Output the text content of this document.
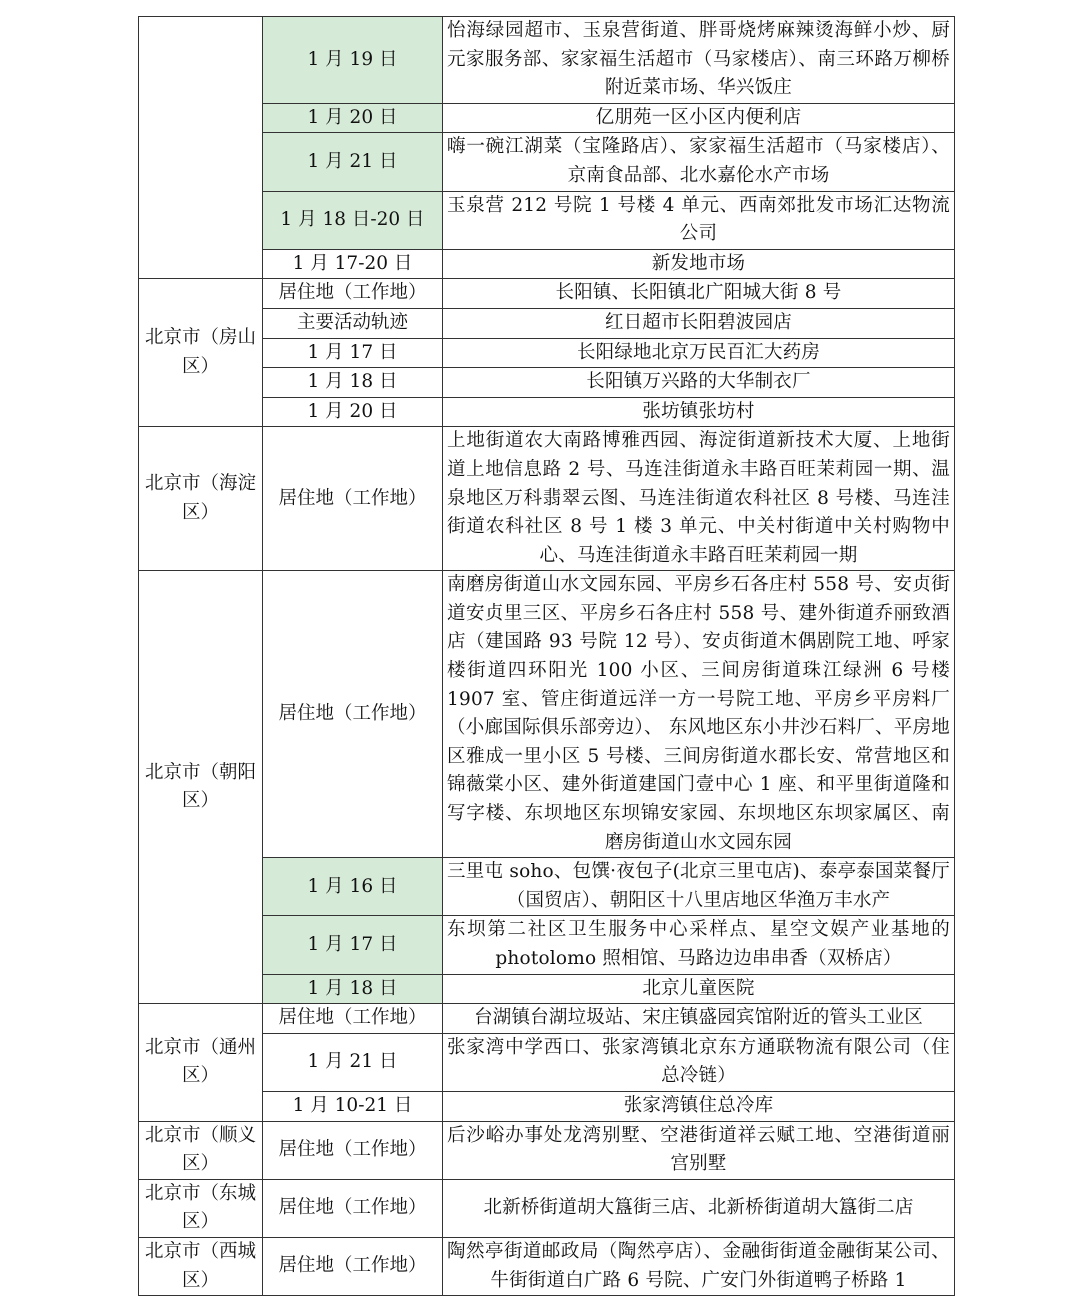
	1 月 19 日	怡海绿园超市、玉泉营街道、胖哥烧烤麻辣烫海鲜小炒、厨元家服务部、家家福生活超市（马家楼店）、南三环路万柳桥附近菜市场、华兴饭庄
	1 月 20 日	亿朋苑一区小区内便利店
	1 月 21 日	嗨一碗江湖菜（宝隆路店）、家家福生活超市（马家楼店）、京南食品部、北水嘉伦水产市场
	1 月 18 日-20 日	玉泉营 212 号院 1 号楼 4 单元、西南郊批发市场汇达物流公司
	1 月 17-20 日	新发地市场
北京市（房山区）	居住地（工作地）	长阳镇、长阳镇北广阳城大街 8 号
	主要活动轨迹	红日超市长阳碧波园店
	1 月 17 日	长阳绿地北京万民百汇大药房
	1 月 18 日	长阳镇万兴路的大华制衣厂
	1 月 20 日	张坊镇张坊村
北京市（海淀区）	居住地（工作地）	上地街道农大南路博雅西园、海淀街道新技术大厦、上地街道上地信息路 2 号、马连洼街道永丰路百旺茉莉园一期、温泉地区万科翡翠云图、马连洼街道农科社区 8 号楼、马连洼街道农科社区 8 号 1 楼 3 单元、中关村街道中关村购物中心、马连洼街道永丰路百旺茉莉园一期
北京市（朝阳区）	居住地（工作地）	南磨房街道山水文园东园、平房乡石各庄村 558 号、安贞街道安贞里三区、平房乡石各庄村 558 号、建外街道乔丽致酒店（建国路 93 号院 12 号）、安贞街道木偶剧院工地、呼家楼街道四环阳光 100 小区、三间房街道珠江绿洲 6 号楼 1907 室、管庄街道远洋一方一号院工地、平房乡平房料厂（小廊国际俱乐部旁边）、 东风地区东小井沙石料厂、平房地区雅成一里小区 5 号楼、三间房街道水郡长安、常营地区和锦薇棠小区、建外街道建国门壹中心 1 座、和平里街道隆和写字楼、东坝地区东坝锦安家园、东坝地区东坝家属区、南磨房街道山水文园东园
	1 月 16 日	三里屯 soho、包馔·夜包子(北京三里屯店)、泰亭泰国菜餐厅（国贸店）、朝阳区十八里店地区华渔万丰水产
	1 月 17 日	东坝第二社区卫生服务中心采样点、星空文娱产业基地的 photolomo 照相馆、马路边边串串香（双桥店）
	1 月 18 日	北京儿童医院
北京市（通州区）	居住地（工作地）	台湖镇台湖垃圾站、宋庄镇盛园宾馆附近的管头工业区
	1 月 21 日	张家湾中学西口、张家湾镇北京东方通联物流有限公司（住总冷链）
	1 月 10-21 日	张家湾镇住总冷库
北京市（顺义区）	居住地（工作地）	后沙峪办事处龙湾别墅、空港街道祥云赋工地、空港街道丽宫别墅
北京市（东城区）	居住地（工作地）	北新桥街道胡大簋街三店、北新桥街道胡大簋街二店
北京市（西城区）	居住地（工作地）	陶然亭街道邮政局（陶然亭店）、金融街街道金融街某公司、牛街街道白广路 6 号院、广安门外街道鸭子桥路 1
